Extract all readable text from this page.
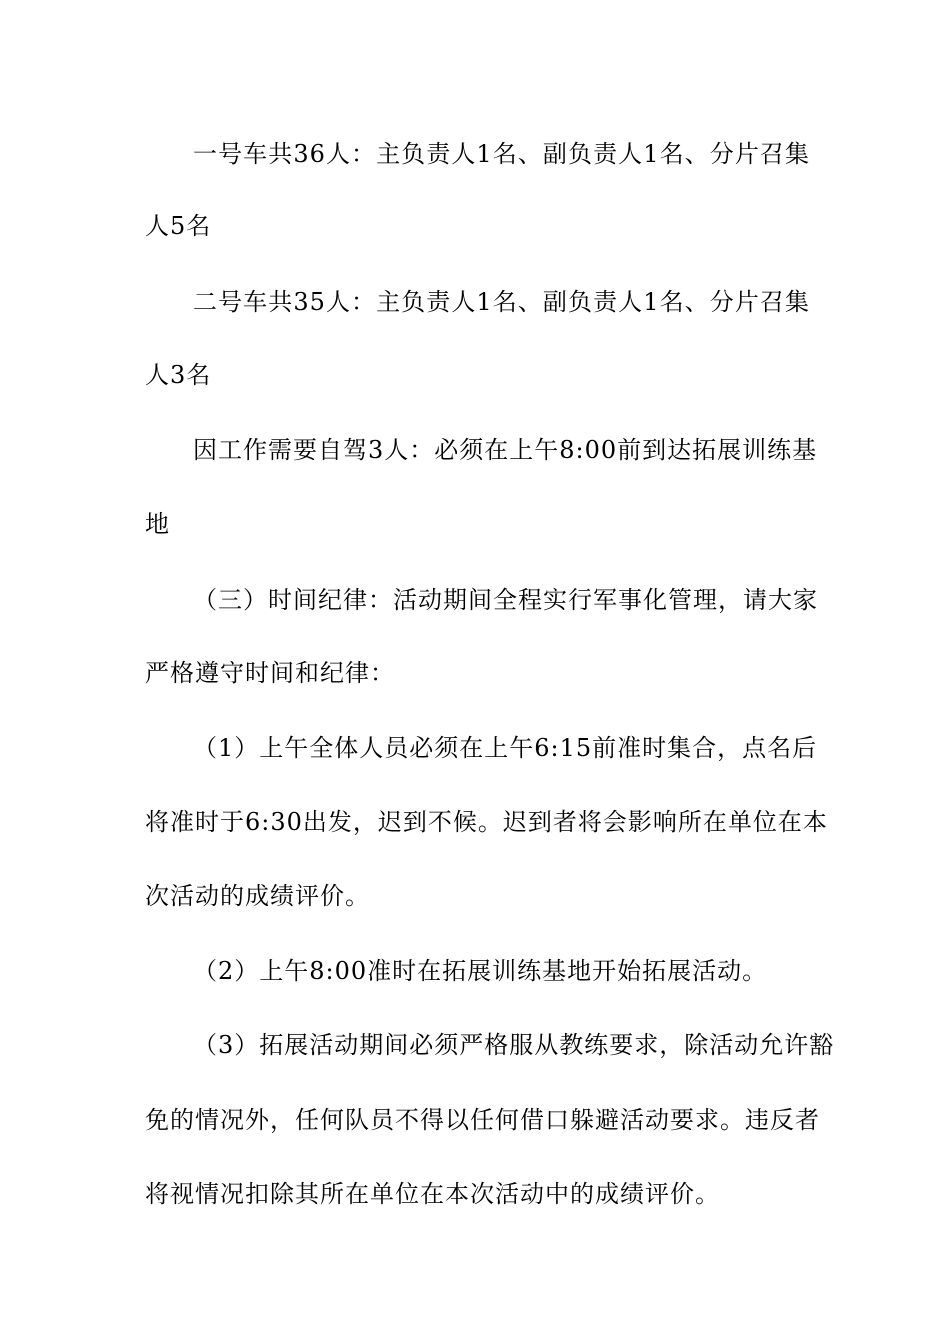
一号车共36人：主负责人1名、副负责人1名、分片召集
人5名
二号车共35人：主负责人1名、副负责人1名、分片召集
人3名
因工作需要自驾3人：必须在上午8:00前到达拓展训练基
地
（三）时间纪律：活动期间全程实行军事化管理，请大家
严格遵守时间和纪律：
（1）上午全体人员必须在上午6:15前准时集合，点名后
将准时于6:30出发，迟到不候。迟到者将会影响所在单位在本
次活动的成绩评价。
（2）上午8:00准时在拓展训练基地开始拓展活动。
（3）拓展活动期间必须严格服从教练要求，除活动允许豁
免的情况外，任何队员不得以任何借口躲避活动要求。违反者
将视情况扣除其所在单位在本次活动中的成绩评价。
